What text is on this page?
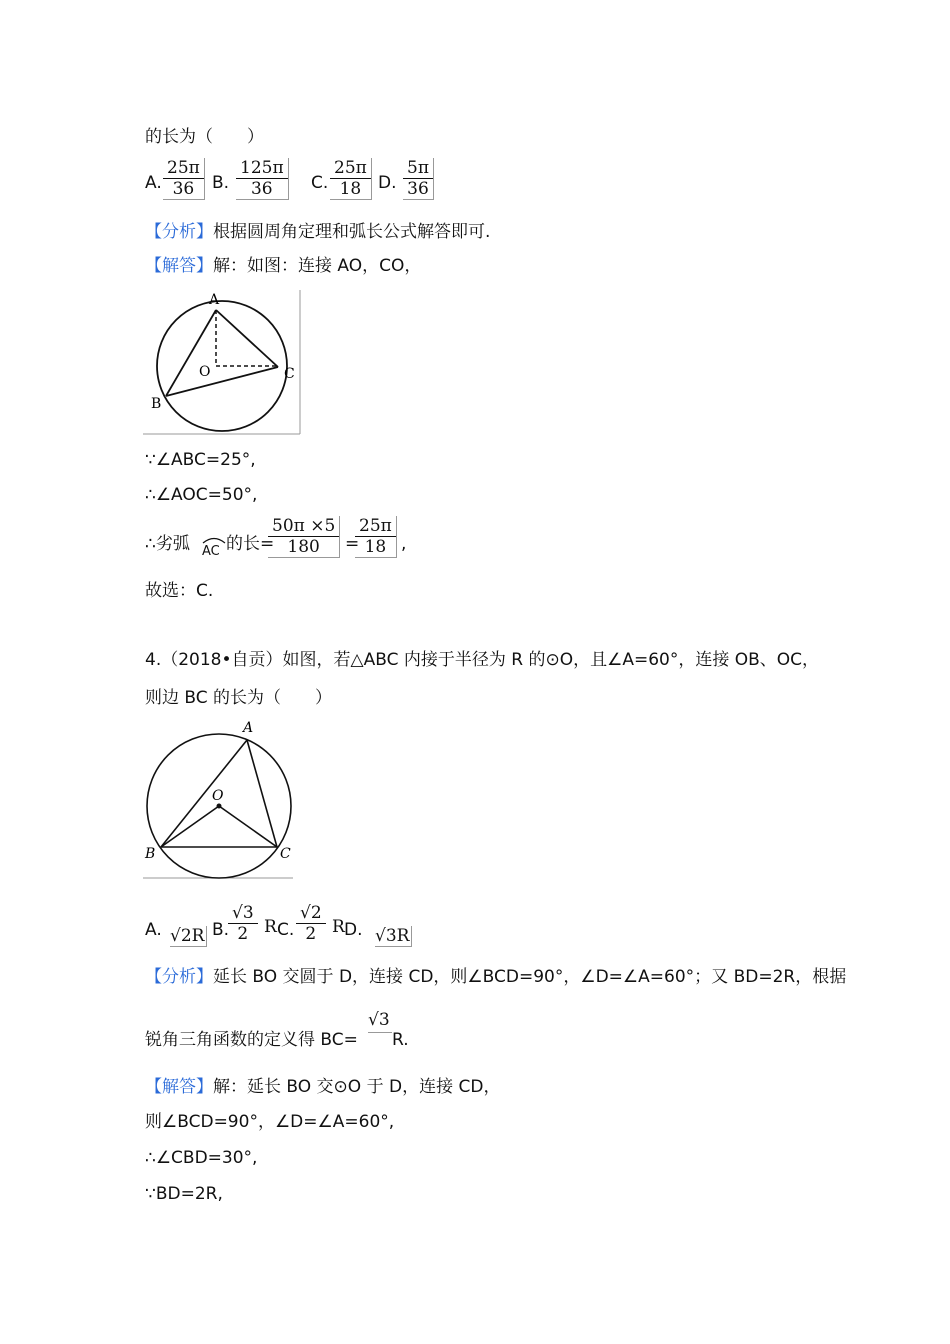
的长为（　　）
A.
25π
36	B.
125π
36	C.
25π
18 D.
5π
36
【分析】根据圆周角定理和弧长公式解答即可.
【解答】解：如图：连接 AO，CO，
A
O
B
C
∵∠ABC=25°,
∴∠AOC=50°,
∴劣弧 AC 的长=
50π ×5
180	=
25π
18 ,
故选：C.
4.（2018•自贡）如图，若△ABC 内接于半径为 R 的⊙O，且∠A=60°，连接 OB、OC，
则边 BC 的长为（　　）
A
O
B	C
A. √2R B.
√3
2 R C.
√2
2 R D. √3R
【分析】延长 BO 交圆于 D，连接 CD，则∠BCD=90°，∠D=∠A=60°；又 BD=2R，根据
锐角三角函数的定义得 BC=
√3
R.
【解答】解：延长 BO 交⊙O 于 D，连接 CD，
则∠BCD=90°，∠D=∠A=60°,
∴∠CBD=30°,
∵BD=2R,
